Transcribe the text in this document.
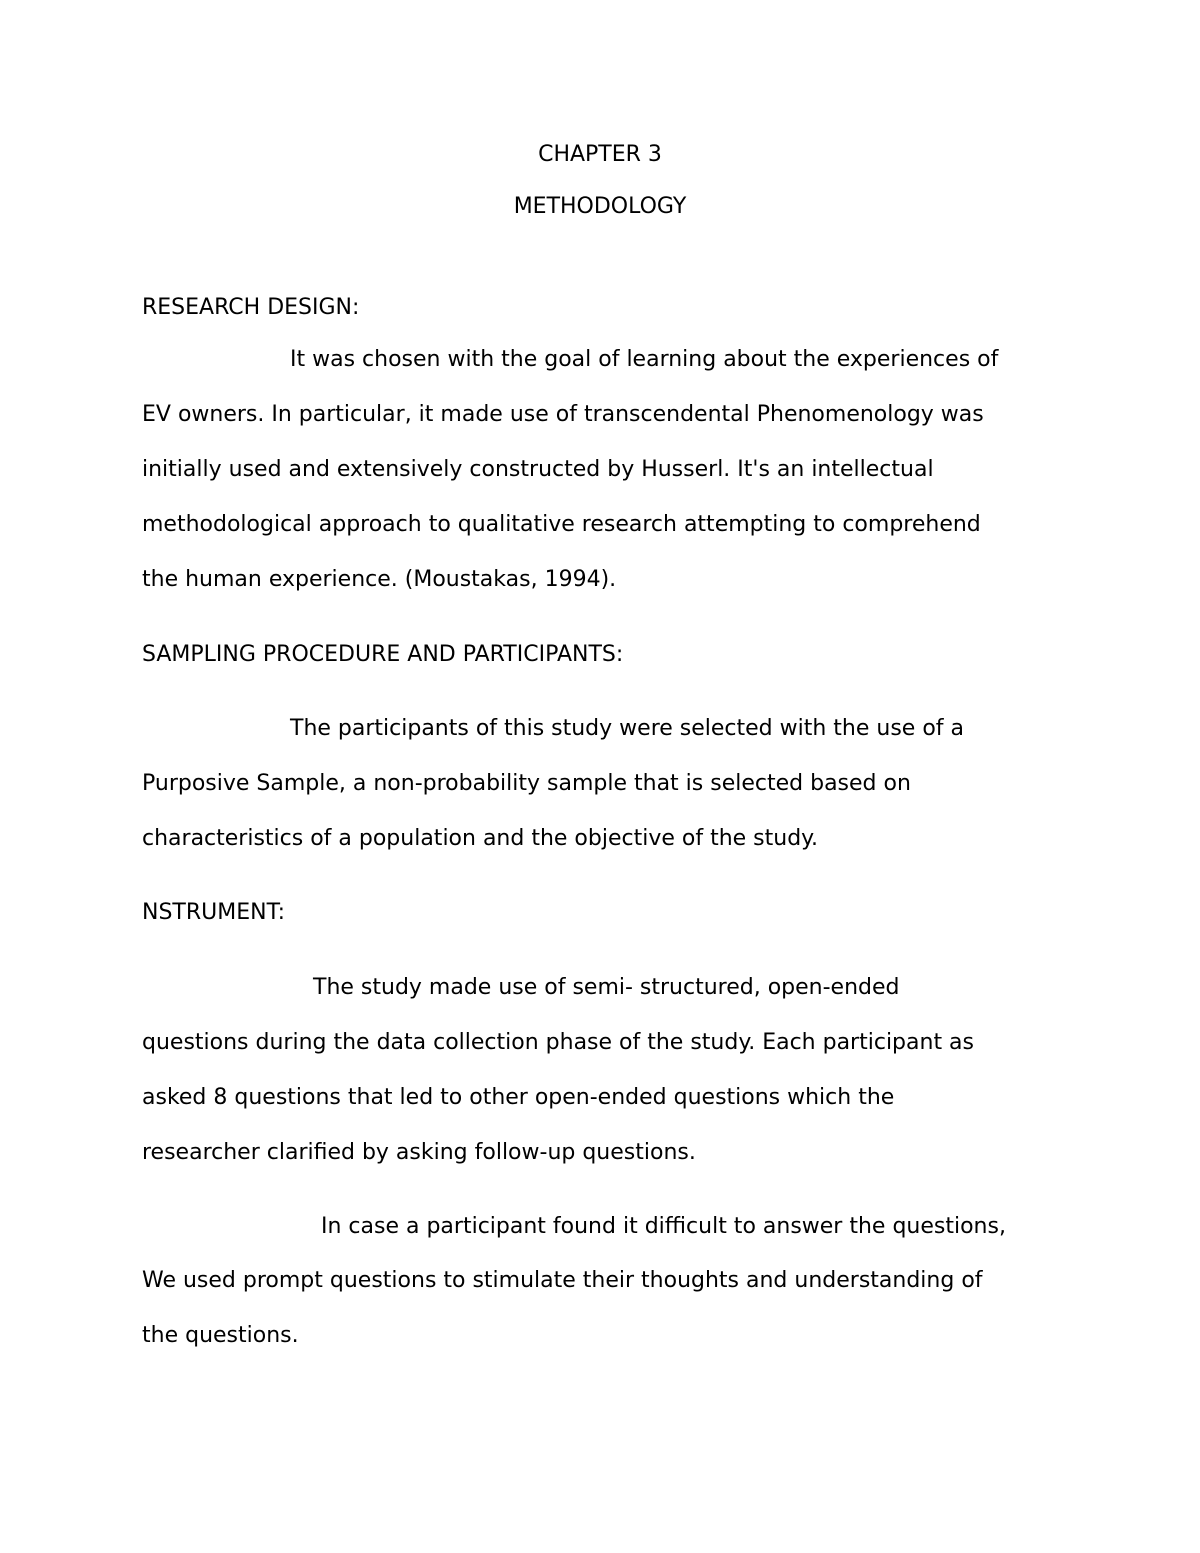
CHAPTER 3

METHODOLOGY

RESEARCH DESIGN:

It was chosen with the goal of learning about the experiences of

EV owners. In particular, it made use of transcendental Phenomenology was

initially used and extensively constructed by Husserl. It's an intellectual

methodological approach to qualitative research attempting to comprehend

the human experience. (Moustakas, 1994).

SAMPLING PROCEDURE AND PARTICIPANTS:

The participants of this study were selected with the use of a

Purposive Sample, a non-probability sample that is selected based on

characteristics of a population and the objective of the study.

NSTRUMENT:

The study made use of semi- structured, open-ended

questions during the data collection phase of the study. Each participant as

asked 8 questions that led to other open-ended questions which the

researcher clarified by asking follow-up questions.

In case a participant found it difficult to answer the questions,

We used prompt questions to stimulate their thoughts and understanding of

the questions.
